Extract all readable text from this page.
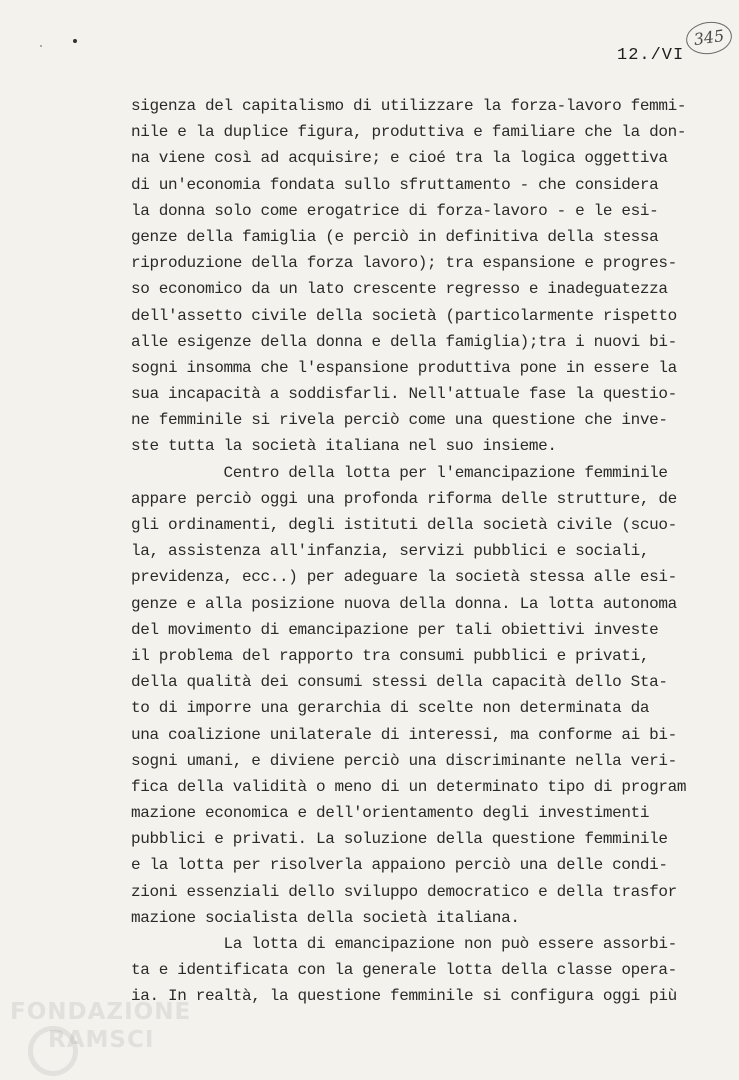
12./VI
345
sigenza del capitalismo di utilizzare la forza-lavoro femmi-
nile e la duplice figura, produttiva e familiare che la don-
na viene così ad acquisire; e cioé tra la logica oggettiva
di un'economia fondata sullo sfruttamento - che considera
la donna solo come erogatrice di forza-lavoro - e le esi-
genze della famiglia (e perciò in definitiva della stessa
riproduzione della forza lavoro); tra espansione e progres-
so economico da un lato crescente regresso e inadeguatezza
dell'assetto civile della società (particolarmente rispetto
alle esigenze della donna e della famiglia);tra i nuovi bi-
sogni insomma che l'espansione produttiva pone in essere la
sua incapacità a soddisfarli. Nell'attuale fase la questio-
ne femminile si rivela perciò come una questione che inve-
ste tutta la società italiana nel suo insieme.
Centro della lotta per l'emancipazione femminile
appare perciò oggi una profonda riforma delle strutture, de
gli ordinamenti, degli istituti della società civile (scuo-
la, assistenza all'infanzia, servizi pubblici e sociali,
previdenza, ecc..) per adeguare la società stessa alle esi-
genze e alla posizione nuova della donna. La lotta autonoma
del movimento di emancipazione per tali obiettivi investe
il problema del rapporto tra consumi pubblici e privati,
della qualità dei consumi stessi della capacità dello Sta-
to di imporre una gerarchia di scelte non determinata da
una coalizione unilaterale di interessi, ma conforme ai bi-
sogni umani, e diviene perciò una discriminante nella veri-
fica della validità o meno di un determinato tipo di program
mazione economica e dell'orientamento degli investimenti
pubblici e privati. La soluzione della questione femminile
e la lotta per risolverla appaiono perciò una delle condi-
zioni essenziali dello sviluppo democratico e della trasfor
mazione socialista della società italiana.
La lotta di emancipazione non può essere assorbi-
ta e identificata con la generale lotta della classe opera-
ia. In realtà, la questione femminile si configura oggi più
FONDAZIONE
RAMSCI
